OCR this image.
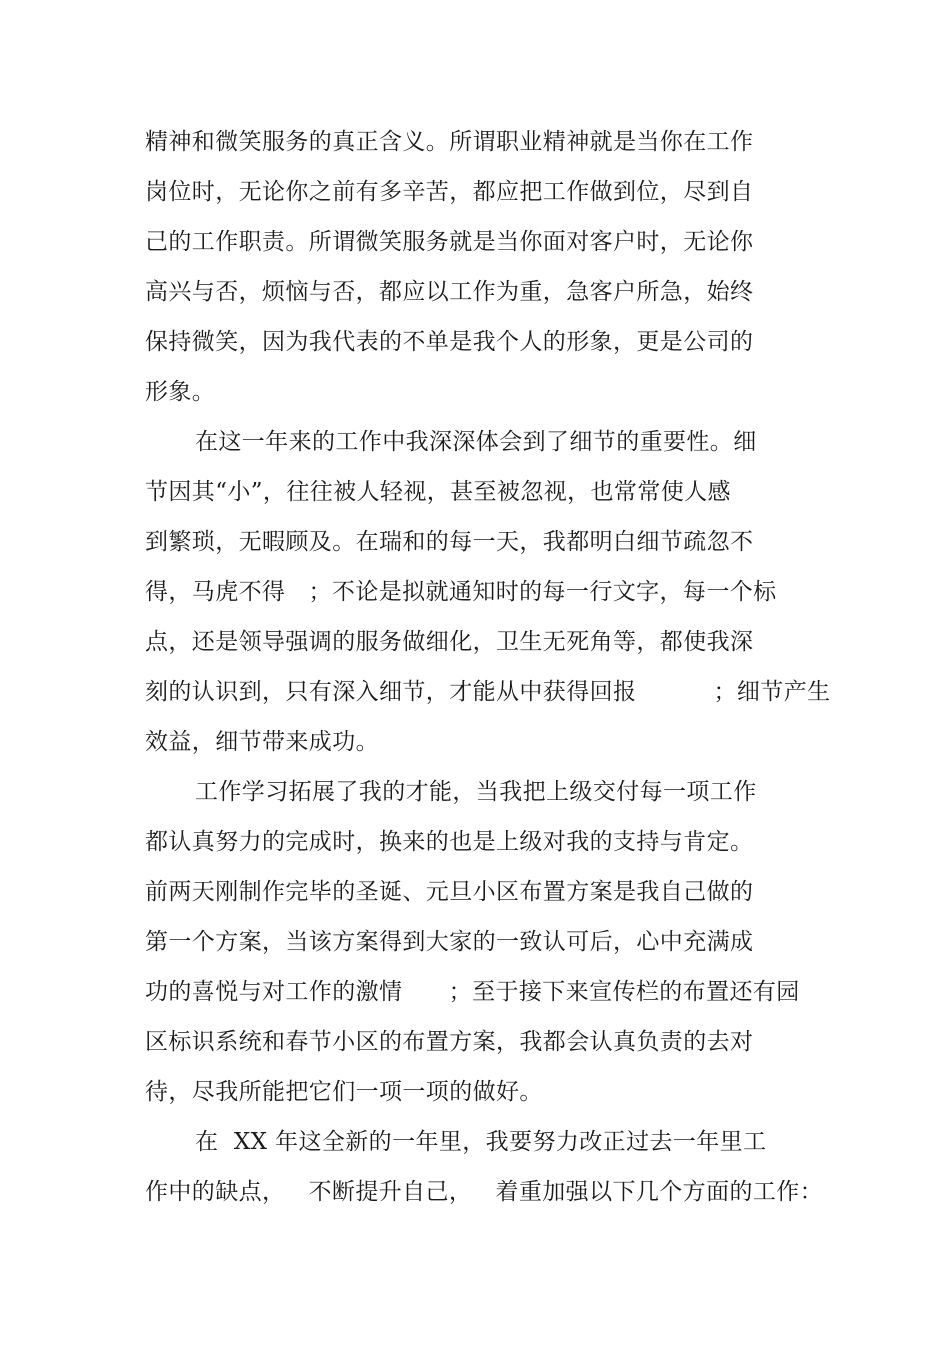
精神和微笑服务的真正含义。所谓职业精神就是当你在工作
岗位时，无论你之前有多辛苦，都应把工作做到位，尽到自
己的工作职责。所谓微笑服务就是当你面对客户时，无论你
高兴与否，烦恼与否，都应以工作为重，急客户所急，始终
保持微笑，因为我代表的不单是我个人的形象，更是公司的
形象。
在这一年来的工作中我深深体会到了细节的重要性。细
节因其“小”，往往被人轻视，甚至被忽视，也常常使人感
到繁琐，无暇顾及。在瑞和的每一天，我都明白细节疏忽不
得，马虎不得   ；不论是拟就通知时的每一行文字，每一个标
点，还是领导强调的服务做细化，卫生无死角等，都使我深
刻的认识到，只有深入细节，才能从中获得回报          ；细节产生
效益，细节带来成功。
工作学习拓展了我的才能，当我把上级交付每一项工作
都认真努力的完成时，换来的也是上级对我的支持与肯定。
前两天刚制作完毕的圣诞、元旦小区布置方案是我自己做的
第一个方案，当该方案得到大家的一致认可后，心中充满成
功的喜悦与对工作的激情      ；至于接下来宣传栏的布置还有园
区标识系统和春节小区的布置方案，我都会认真负责的去对
待，尽我所能把它们一项一项的做好。
在  XX 年这全新的一年里，我要努力改正过去一年里工
作中的缺点，   不断提升自己，   着重加强以下几个方面的工作：
